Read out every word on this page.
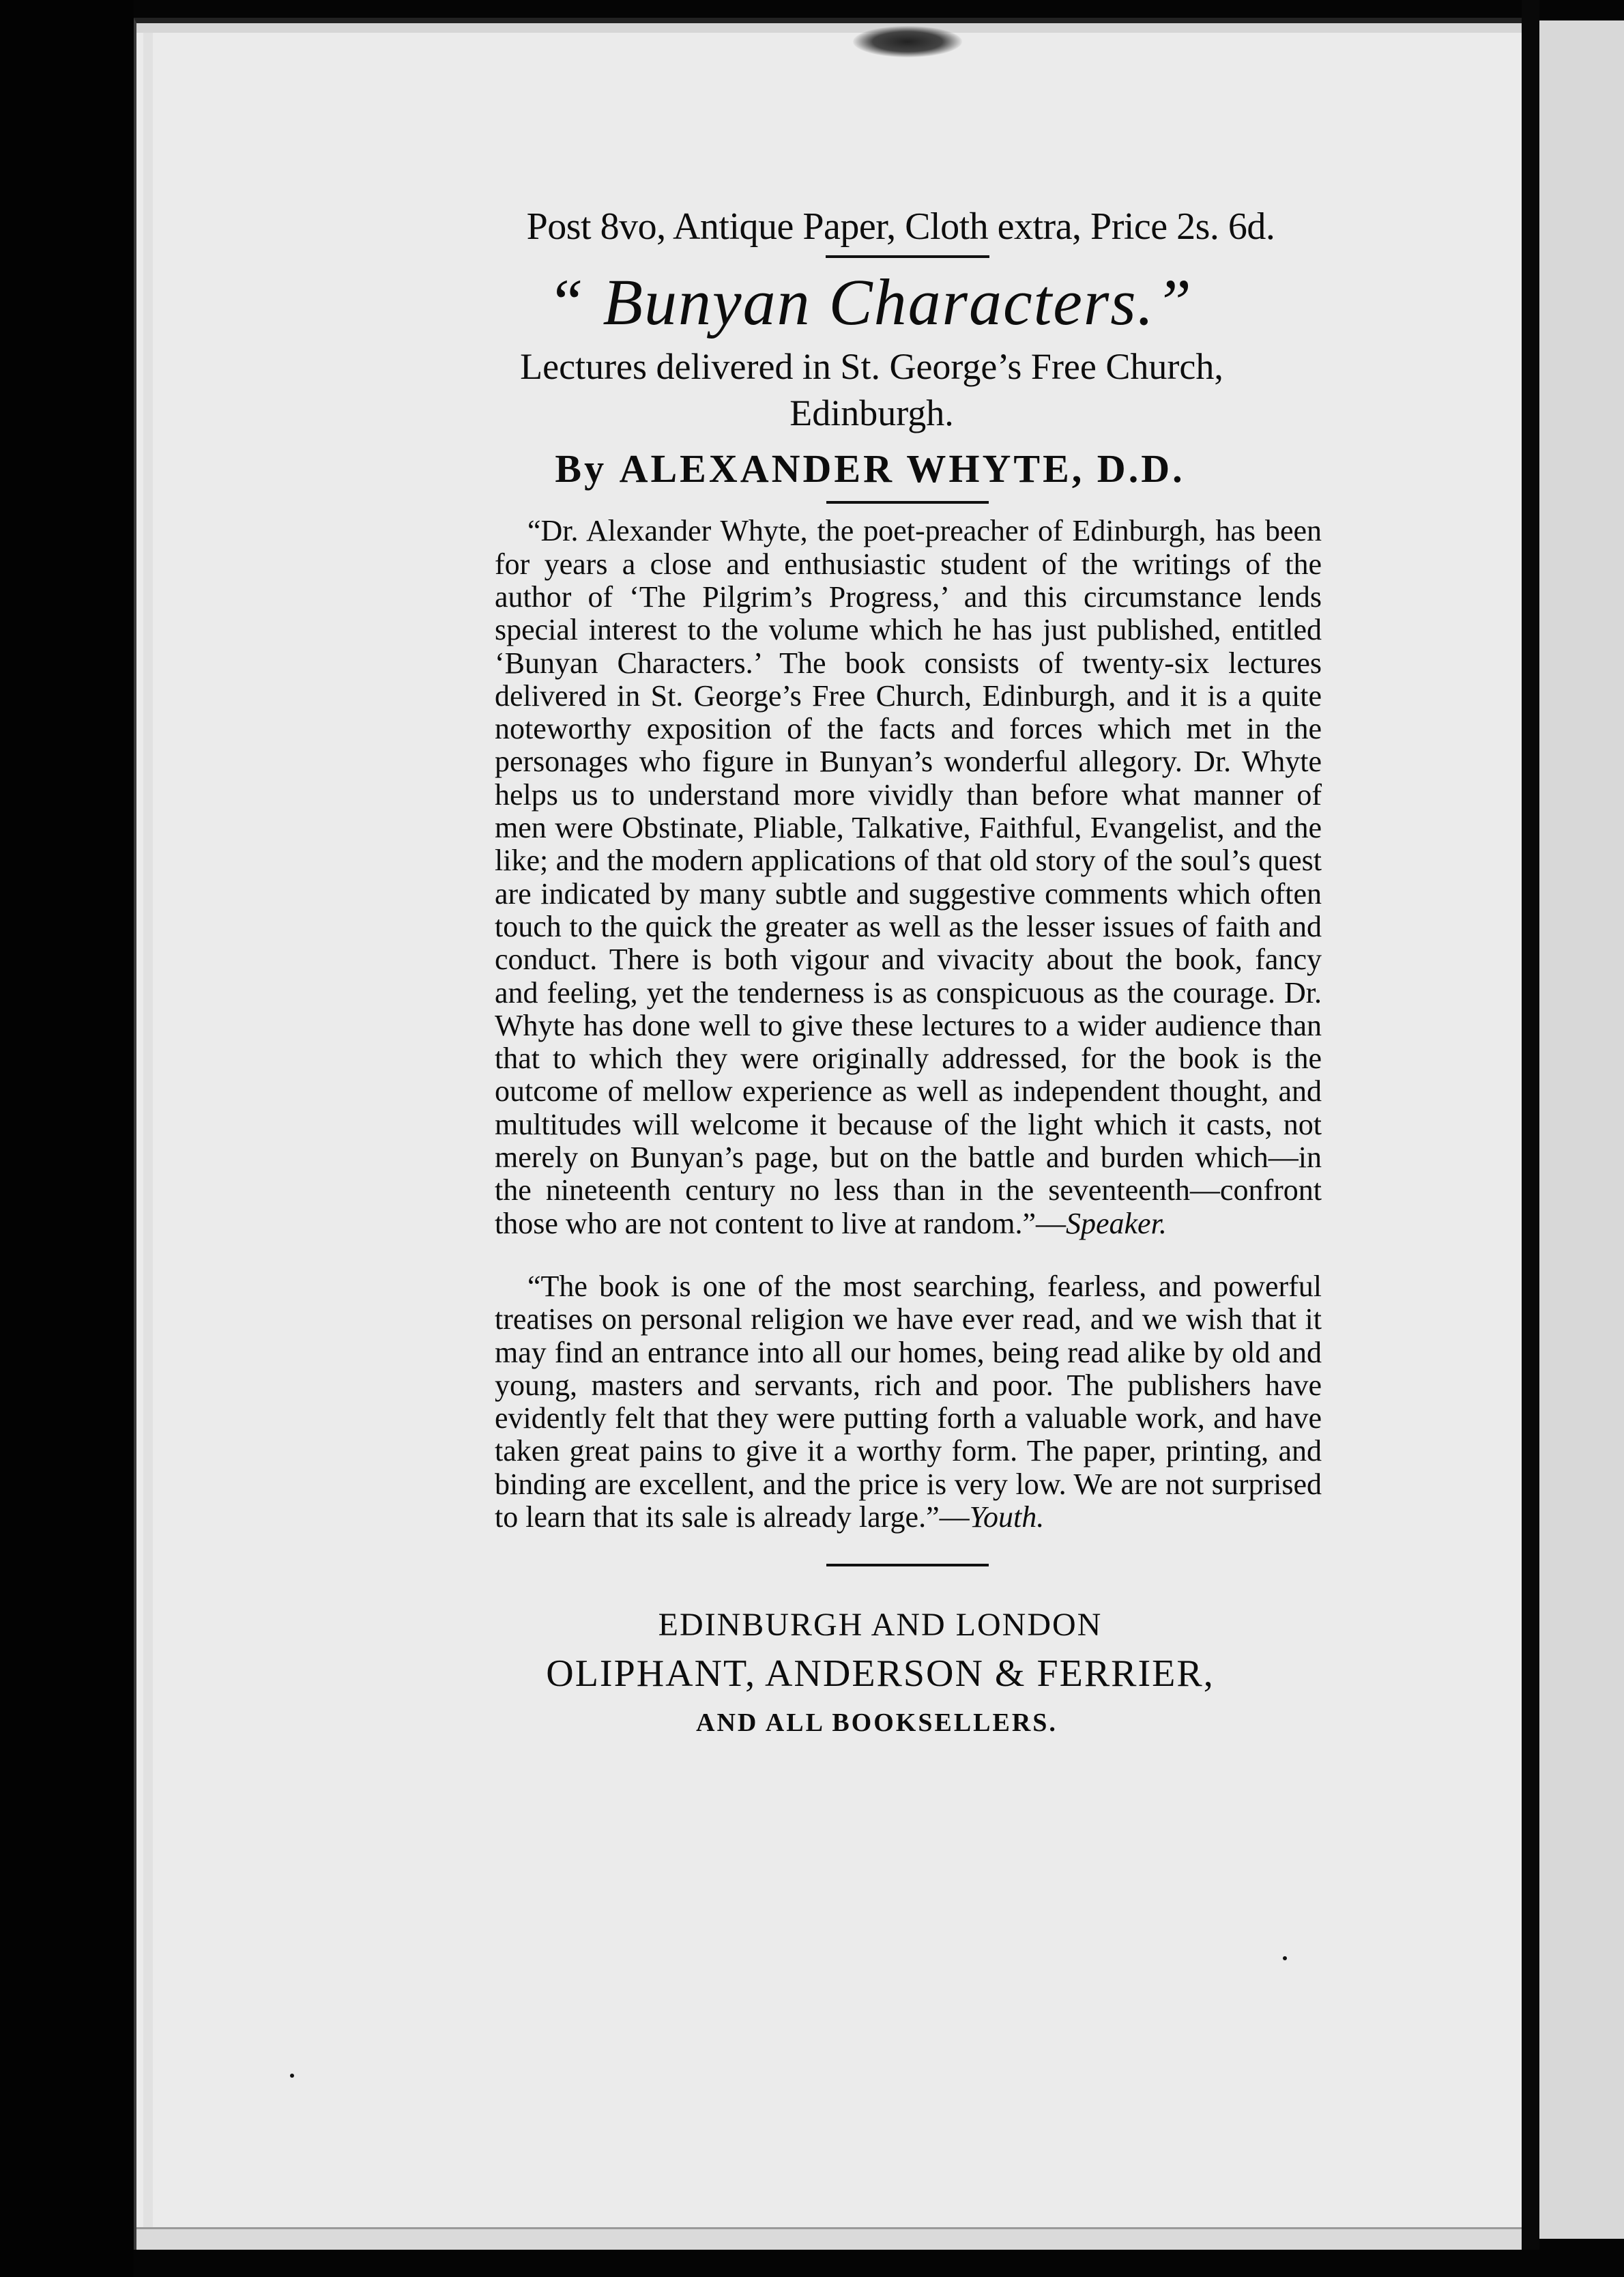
Post 8vo, Antique Paper, Cloth extra, Price 2s. 6d.
“ Bunyan Characters.”
Lectures delivered in St. George’s Free Church,
Edinburgh.
By ALEXANDER WHYTE, D.D.

“Dr. Alexander Whyte, the poet-preacher of Edinburgh, has been for years a close and enthusiastic student of the writings of the author of ‘The Pilgrim’s Progress,’ and this circumstance lends special interest to the volume which he has just published, entitled ‘Bunyan Characters.’ The book consists of twenty-six lectures delivered in St. George’s Free Church, Edinburgh, and it is a quite noteworthy exposition of the facts and forces which met in the personages who figure in Bunyan’s wonderful allegory. Dr. Whyte helps us to understand more vividly than before what manner of men were Obstinate, Pliable, Talkative, Faithful, Evangelist, and the like; and the modern applications of that old story of the soul’s quest are indicated by many subtle and suggestive comments which often touch to the quick the greater as well as the lesser issues of faith and conduct. There is both vigour and vivacity about the book, fancy and feeling, yet the tenderness is as conspicuous as the courage. Dr. Whyte has done well to give these lectures to a wider audience than that to which they were originally addressed, for the book is the outcome of mellow experience as well as independent thought, and multitudes will welcome it because of the light which it casts, not merely on Bunyan’s page, but on the battle and burden which—in the nineteenth century no less than in the seventeenth—confront those who are not content to live at random.”—Speaker.

“The book is one of the most searching, fearless, and powerful treatises on personal religion we have ever read, and we wish that it may find an entrance into all our homes, being read alike by old and young, masters and servants, rich and poor. The publishers have evidently felt that they were putting forth a valuable work, and have taken great pains to give it a worthy form. The paper, printing, and binding are excellent, and the price is very low. We are not surprised to learn that its sale is already large.”—Youth.

EDINBURGH AND LONDON
OLIPHANT, ANDERSON & FERRIER,
AND ALL BOOKSELLERS.
